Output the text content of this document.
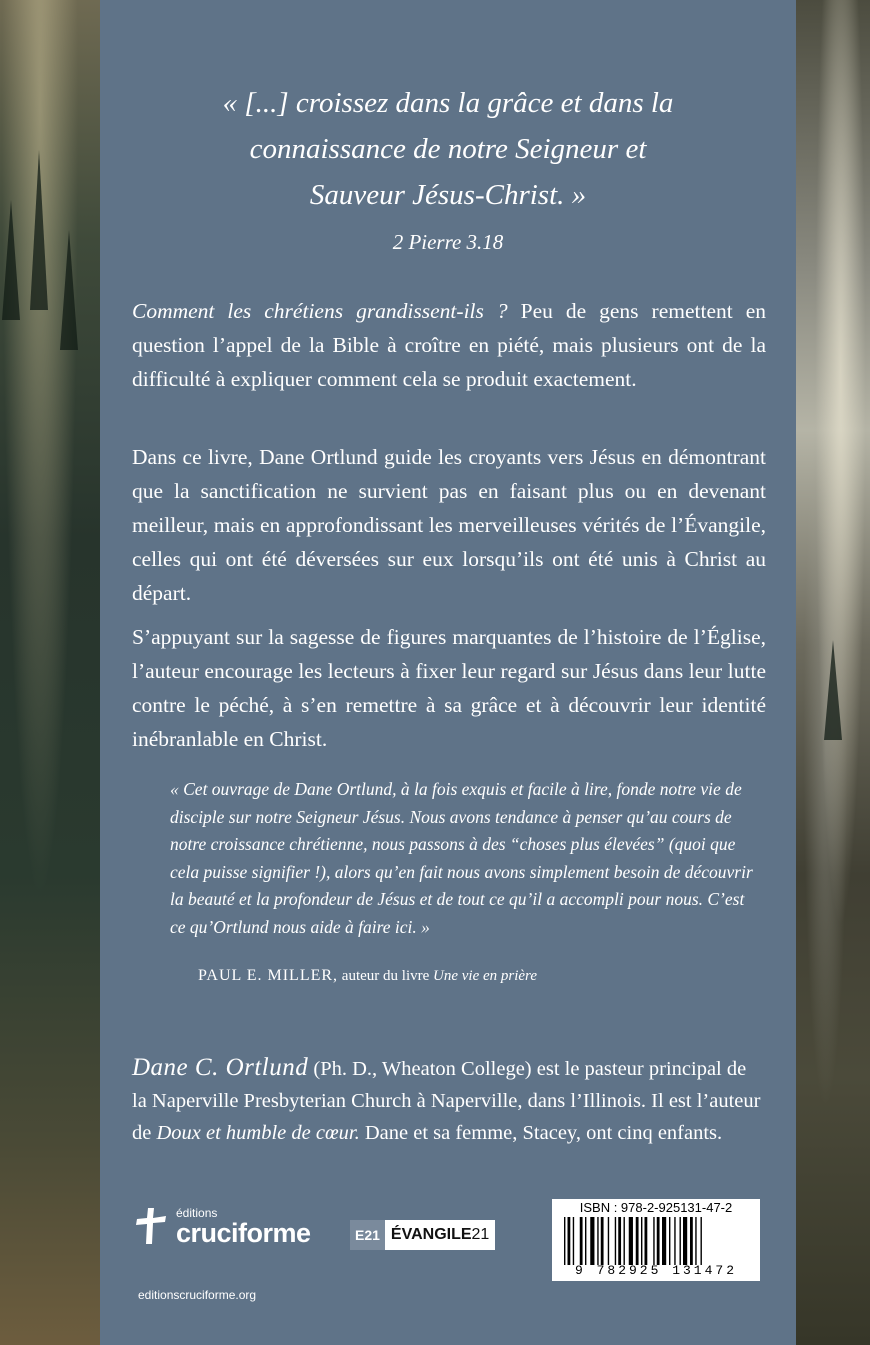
« [...] croissez dans la grâce et dans la
connaissance de notre Seigneur et
Sauveur Jésus-Christ. »
2 Pierre 3.18
Comment les chrétiens grandissent-ils ? Peu de gens remettent en question l’appel de la Bible à croître en piété, mais plusieurs ont de la difficulté à expliquer comment cela se produit exactement.
Dans ce livre, Dane Ortlund guide les croyants vers Jésus en démontrant que la sanctification ne survient pas en faisant plus ou en devenant meilleur, mais en approfondissant les merveilleuses vérités de l’Évangile, celles qui ont été déversées sur eux lorsqu’ils ont été unis à Christ au départ.
S’appuyant sur la sagesse de figures marquantes de l’histoire de l’Église, l’auteur encourage les lecteurs à fixer leur regard sur Jésus dans leur lutte contre le péché, à s’en remettre à sa grâce et à découvrir leur identité inébranlable en Christ.
« Cet ouvrage de Dane Ortlund, à la fois exquis et facile à lire, fonde notre vie de disciple sur notre Seigneur Jésus. Nous avons tendance à penser qu’au cours de notre croissance chrétienne, nous passons à des “choses plus élevées” (quoi que cela puisse signifier !), alors qu’en fait nous avons simplement besoin de découvrir la beauté et la profondeur de Jésus et de tout ce qu’il a accompli pour nous. C’est ce qu’Ortlund nous aide à faire ici. »
PAUL E. MILLER, auteur du livre Une vie en prière
Dane C. Ortlund (Ph. D., Wheaton College) est le pasteur principal de la Naperville Presbyterian Church à Naperville, dans l’Illinois. Il est l’auteur de Doux et humble de cœur. Dane et sa femme, Stacey, ont cinq enfants.
éditions
cruciforme
editionscruciforme.org
E21 ÉVANGILE21
ISBN : 978-2-925131-47-2
9 782925 131472
